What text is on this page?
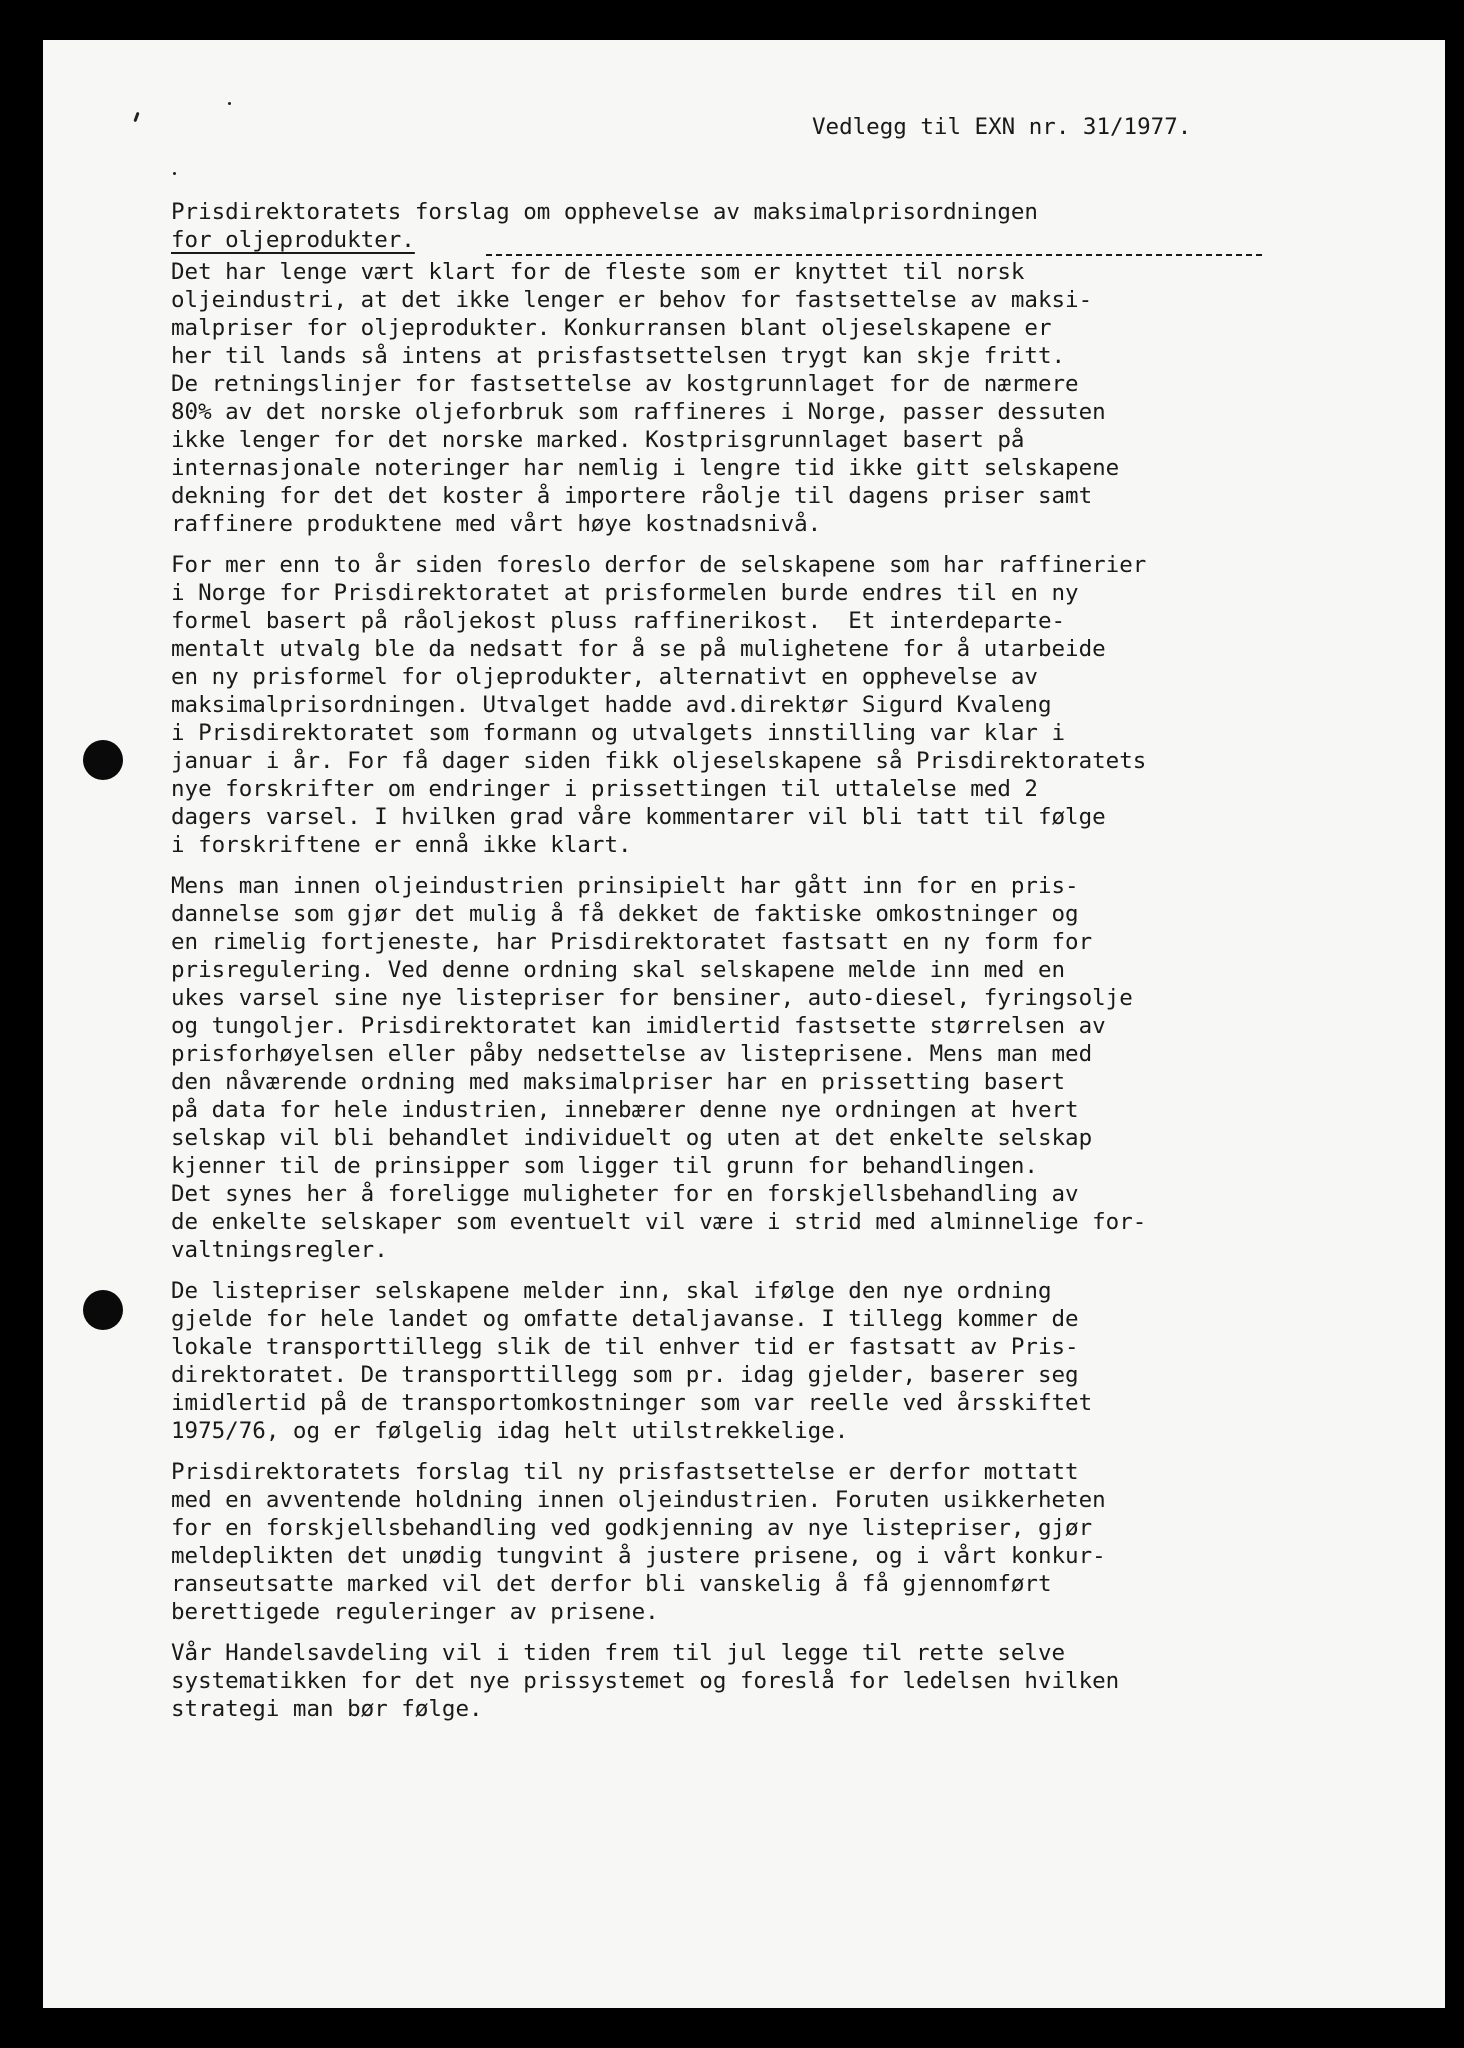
Vedlegg til EXN nr. 31/1977.

Prisdirektoratets forslag om opphevelse av maksimalprisordningen

for oljeprodukter.

Det har lenge vært klart for de fleste som er knyttet til norsk
oljeindustri, at det ikke lenger er behov for fastsettelse av maksi-
malpriser for oljeprodukter. Konkurransen blant oljeselskapene er
her til lands så intens at prisfastsettelsen trygt kan skje fritt.
De retningslinjer for fastsettelse av kostgrunnlaget for de nærmere
80% av det norske oljeforbruk som raffineres i Norge, passer dessuten
ikke lenger for det norske marked. Kostprisgrunnlaget basert på
internasjonale noteringer har nemlig i lengre tid ikke gitt selskapene
dekning for det det koster å importere råolje til dagens priser samt
raffinere produktene med vårt høye kostnadsnivå.
For mer enn to år siden foreslo derfor de selskapene som har raffinerier
i Norge for Prisdirektoratet at prisformelen burde endres til en ny
formel basert på råoljekost pluss raffinerikost.  Et interdeparte-
mentalt utvalg ble da nedsatt for å se på mulighetene for å utarbeide
en ny prisformel for oljeprodukter, alternativt en opphevelse av
maksimalprisordningen. Utvalget hadde avd.direktør Sigurd Kvaleng
i Prisdirektoratet som formann og utvalgets innstilling var klar i
januar i år. For få dager siden fikk oljeselskapene så Prisdirektoratets
nye forskrifter om endringer i prissettingen til uttalelse med 2
dagers varsel. I hvilken grad våre kommentarer vil bli tatt til følge
i forskriftene er ennå ikke klart.
Mens man innen oljeindustrien prinsipielt har gått inn for en pris-
dannelse som gjør det mulig å få dekket de faktiske omkostninger og
en rimelig fortjeneste, har Prisdirektoratet fastsatt en ny form for
prisregulering. Ved denne ordning skal selskapene melde inn med en
ukes varsel sine nye listepriser for bensiner, auto-diesel, fyringsolje
og tungoljer. Prisdirektoratet kan imidlertid fastsette størrelsen av
prisforhøyelsen eller påby nedsettelse av listeprisene. Mens man med
den nåværende ordning med maksimalpriser har en prissetting basert
på data for hele industrien, innebærer denne nye ordningen at hvert
selskap vil bli behandlet individuelt og uten at det enkelte selskap
kjenner til de prinsipper som ligger til grunn for behandlingen.
Det synes her å foreligge muligheter for en forskjellsbehandling av
de enkelte selskaper som eventuelt vil være i strid med alminnelige for-
valtningsregler.
De listepriser selskapene melder inn, skal ifølge den nye ordning
gjelde for hele landet og omfatte detaljavanse. I tillegg kommer de
lokale transporttillegg slik de til enhver tid er fastsatt av Pris-
direktoratet. De transporttillegg som pr. idag gjelder, baserer seg
imidlertid på de transportomkostninger som var reelle ved årsskiftet
1975/76, og er følgelig idag helt utilstrekkelige.
Prisdirektoratets forslag til ny prisfastsettelse er derfor mottatt
med en avventende holdning innen oljeindustrien. Foruten usikkerheten
for en forskjellsbehandling ved godkjenning av nye listepriser, gjør
meldeplikten det unødig tungvint å justere prisene, og i vårt konkur-
ranseutsatte marked vil det derfor bli vanskelig å få gjennomført
berettigede reguleringer av prisene.
Vår Handelsavdeling vil i tiden frem til jul legge til rette selve
systematikken for det nye prissystemet og foreslå for ledelsen hvilken
strategi man bør følge.
